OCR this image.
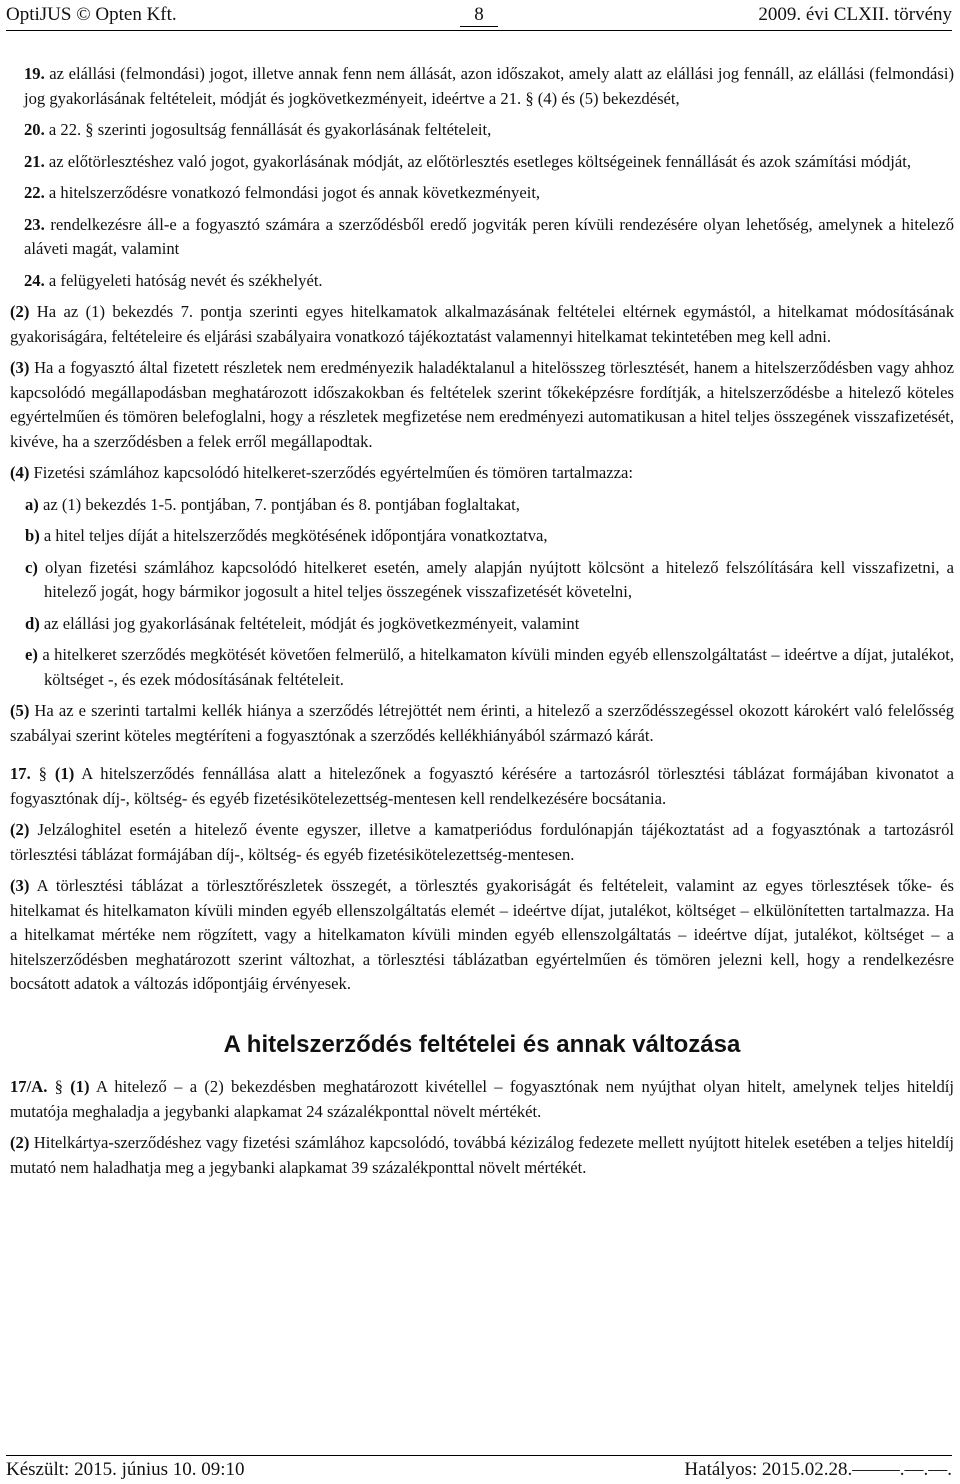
OptiJUS © Opten Kft.	8	2009. évi CLXII. törvény
19. az elállási (felmondási) jogot, illetve annak fenn nem állását, azon időszakot, amely alatt az elállási jog fennáll, az elállási (felmondási) jog gyakorlásának feltételeit, módját és jogkövetkezményeit, ideértve a 21. § (4) és (5) bekezdését,
20. a 22. § szerinti jogosultság fennállását és gyakorlásának feltételeit,
21. az előtörlesztéshez való jogot, gyakorlásának módját, az előtörlesztés esetleges költségeinek fennállását és azok számítási módját,
22. a hitelszerződésre vonatkozó felmondási jogot és annak következményeit,
23. rendelkezésre áll-e a fogyasztó számára a szerződésből eredő jogviták peren kívüli rendezésére olyan lehetőség, amelynek a hitelező aláveti magát, valamint
24. a felügyeleti hatóság nevét és székhelyét.
(2) Ha az (1) bekezdés 7. pontja szerinti egyes hitelkamatok alkalmazásának feltételei eltérnek egymástól, a hitelkamat módosításának gyakoriságára, feltételeire és eljárási szabályaira vonatkozó tájékoztatást valamennyi hitelkamat tekintetében meg kell adni.
(3) Ha a fogyasztó által fizetett részletek nem eredményezik haladéktalanul a hitelösszeg törlesztését, hanem a hitelszerződésben vagy ahhoz kapcsolódó megállapodásban meghatározott időszakokban és feltételek szerint tőkeképzésre fordítják, a hitelszerződésbe a hitelező köteles egyértelműen és tömören belefoglalni, hogy a részletek megfizetése nem eredményezi automatikusan a hitel teljes összegének visszafizetését, kivéve, ha a szerződésben a felek erről megállapodtak.
(4) Fizetési számlához kapcsolódó hitelkeret-szerződés egyértelműen és tömören tartalmazza:
a) az (1) bekezdés 1-5. pontjában, 7. pontjában és 8. pontjában foglaltakat,
b) a hitel teljes díját a hitelszerződés megkötésének időpontjára vonatkoztatva,
c) olyan fizetési számlához kapcsolódó hitelkeret esetén, amely alapján nyújtott kölcsönt a hitelező felszólítására kell visszafizetni, a hitelező jogát, hogy bármikor jogosult a hitel teljes összegének visszafizetését követelni,
d) az elállási jog gyakorlásának feltételeit, módját és jogkövetkezményeit, valamint
e) a hitelkeret szerződés megkötését követően felmerülő, a hitelkamaton kívüli minden egyéb ellenszolgáltatást – ideértve a díjat, jutalékot, költséget -, és ezek módosításának feltételeit.
(5) Ha az e szerinti tartalmi kellék hiánya a szerződés létrejöttét nem érinti, a hitelező a szerződésszegéssel okozott károkért való felelősség szabályai szerint köteles megtéríteni a fogyasztónak a szerződés kellékhiányából származó kárát.
17. § (1) A hitelszerződés fennállása alatt a hitelezőnek a fogyasztó kérésére a tartozásról törlesztési táblázat formájában kivonatot a fogyasztónak díj-, költség- és egyéb fizetésikötelezettség-mentesen kell rendelkezésére bocsátania.
(2) Jelzáloghitel esetén a hitelező évente egyszer, illetve a kamatperiódus fordulónapján tájékoztatást ad a fogyasztónak a tartozásról törlesztési táblázat formájában díj-, költség- és egyéb fizetésikötelezettség-mentesen.
(3) A törlesztési táblázat a törlesztőrészletek összegét, a törlesztés gyakoriságát és feltételeit, valamint az egyes törlesztések tőke- és hitelkamat és hitelkamaton kívüli minden egyéb ellenszolgáltatás elemét – ideértve díjat, jutalékot, költséget – elkülönítetten tartalmazza. Ha a hitelkamat mértéke nem rögzített, vagy a hitelkamaton kívüli minden egyéb ellenszolgáltatás – ideértve díjat, jutalékot, költséget – a hitelszerződésben meghatározott szerint változhat, a törlesztési táblázatban egyértelműen és tömören jelezni kell, hogy a rendelkezésre bocsátott adatok a változás időpontjáig érvényesek.
A hitelszerződés feltételei és annak változása
17/A. § (1) A hitelező – a (2) bekezdésben meghatározott kivétellel – fogyasztónak nem nyújthat olyan hitelt, amelynek teljes hiteldíj mutatója meghaladja a jegybanki alapkamat 24 százalékponttal növelt mértékét.
(2) Hitelkártya-szerződéshez vagy fizetési számlához kapcsolódó, továbbá kézizálog fedezete mellett nyújtott hitelek esetében a teljes hiteldíj mutató nem haladhatja meg a jegybanki alapkamat 39 százalékponttal növelt mértékét.
Készült: 2015. június 10. 09:10	Hatályos: 2015.02.28.–––––.––.––.
